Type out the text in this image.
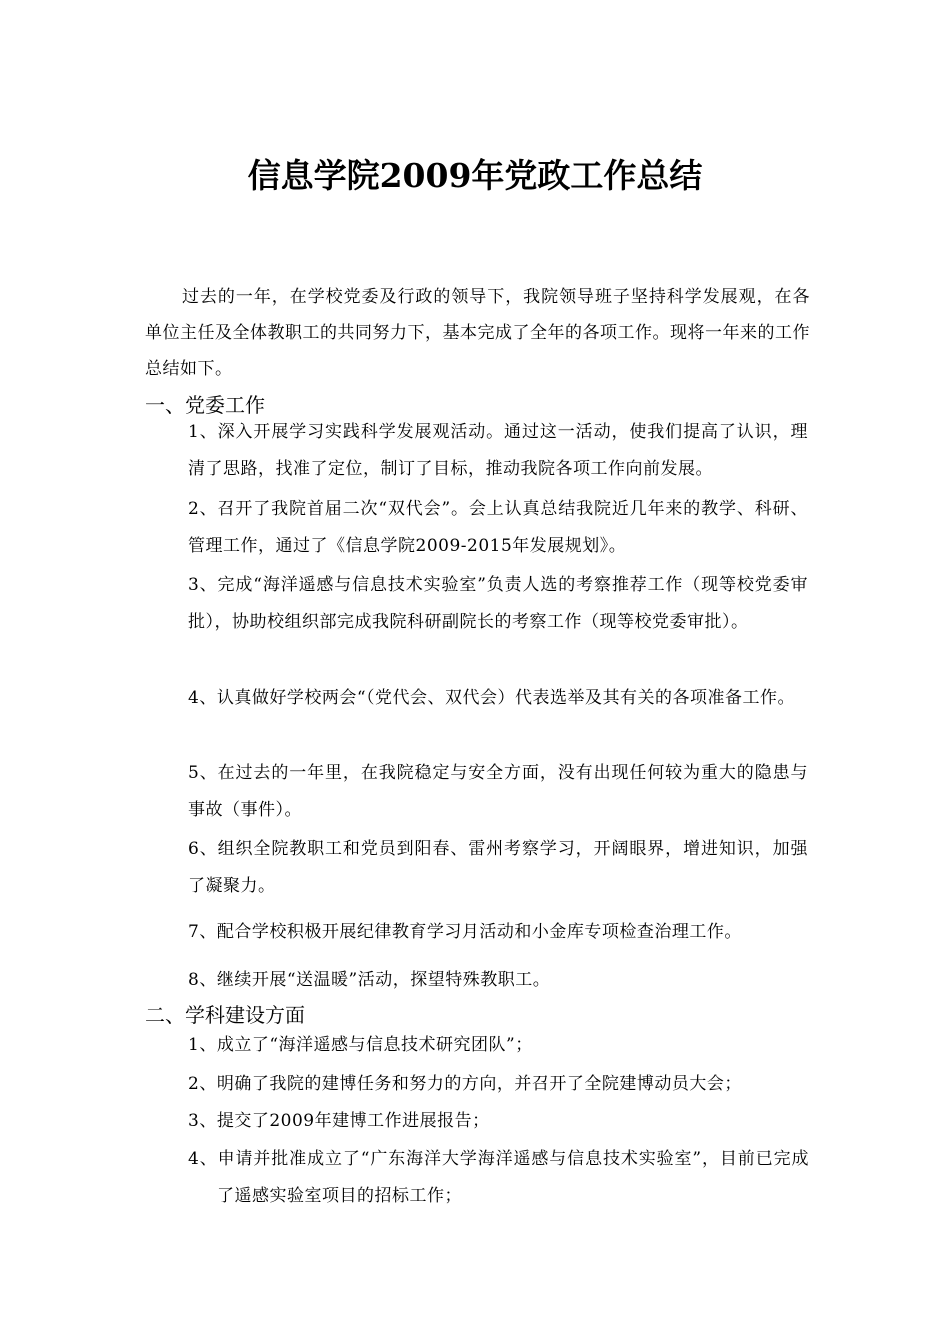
信息学院2009年党政工作总结

过去的一年，在学校党委及行政的领导下，我院领导班子坚持科学发展观，在各单位主任及全体教职工的共同努力下，基本完成了全年的各项工作。现将一年来的工作总结如下。

一、党委工作

1、深入开展学习实践科学发展观活动。通过这一活动，使我们提高了认识，理清了思路，找准了定位，制订了目标，推动我院各项工作向前发展。

2、召开了我院首届二次“双代会”。会上认真总结我院近几年来的教学、科研、管理工作，通过了《信息学院2009-2015年发展规划》。

3、完成“海洋遥感与信息技术实验室”负责人选的考察推荐工作（现等校党委审批），协助校组织部完成我院科研副院长的考察工作（现等校党委审批）。

4、认真做好学校两会“（党代会、双代会）代表选举及其有关的各项准备工作。

5、在过去的一年里，在我院稳定与安全方面，没有出现任何较为重大的隐患与事故（事件）。

6、组织全院教职工和党员到阳春、雷州考察学习，开阔眼界，增进知识，加强了凝聚力。

7、配合学校积极开展纪律教育学习月活动和小金库专项检查治理工作。

8、继续开展“送温暖”活动，探望特殊教职工。

二、学科建设方面

1、成立了“海洋遥感与信息技术研究团队”；

2、明确了我院的建博任务和努力的方向，并召开了全院建博动员大会；

3、提交了2009年建博工作进展报告；

4、申请并批准成立了“广东海洋大学海洋遥感与信息技术实验室”，目前已完成了遥感实验室项目的招标工作；
